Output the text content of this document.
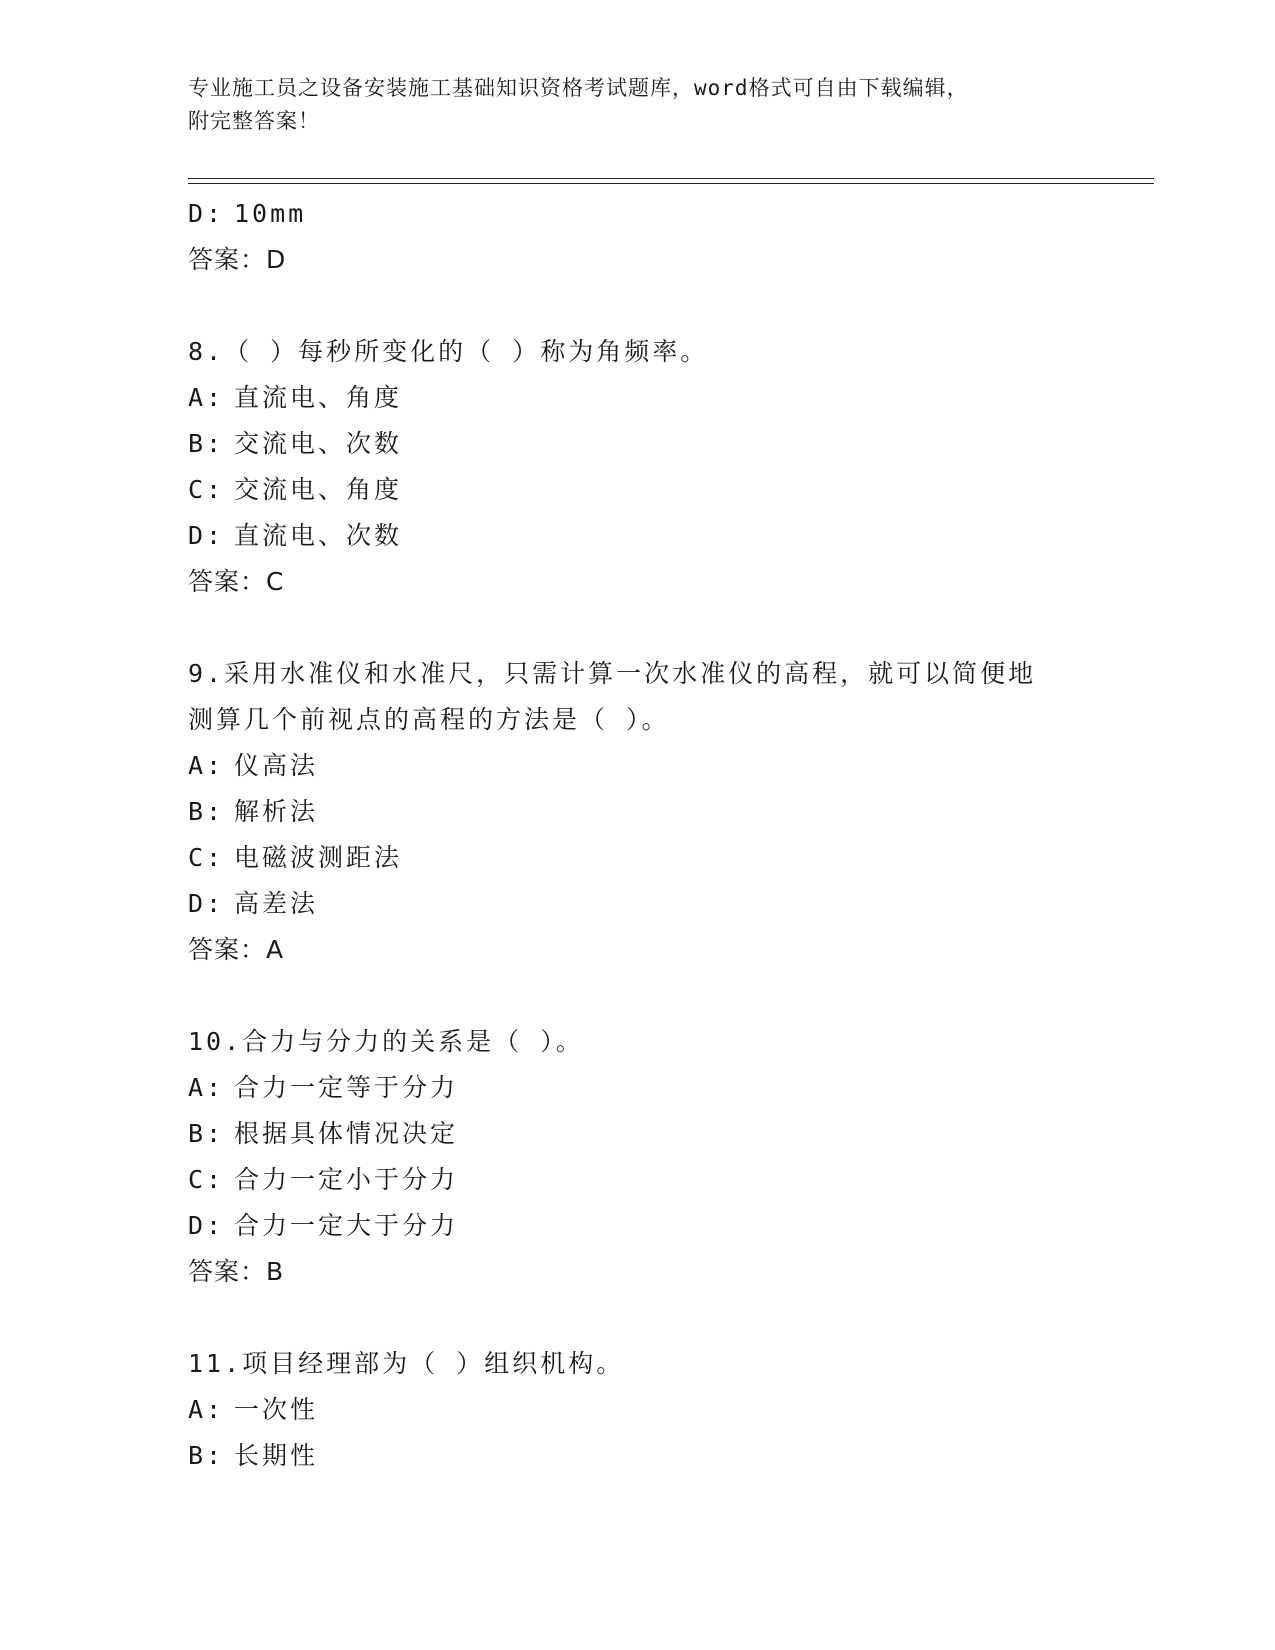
专业施工员之设备安装施工基础知识资格考试题库，word格式可自由下载编辑，
附完整答案！
D: 10mm
答案：D
8.（ ）每秒所变化的（ ）称为角频率。
A: 直流电、角度
B: 交流电、次数
C: 交流电、角度
D: 直流电、次数
答案：C
9.采用水准仪和水准尺，只需计算一次水准仪的高程，就可以简便地
测算几个前视点的高程的方法是（ ）。
A: 仪高法
B: 解析法
C: 电磁波测距法
D: 高差法
答案：A
10.合力与分力的关系是（ ）。
A: 合力一定等于分力
B: 根据具体情况决定
C: 合力一定小于分力
D: 合力一定大于分力
答案：B
11.项目经理部为（ ）组织机构。
A: 一次性
B: 长期性
